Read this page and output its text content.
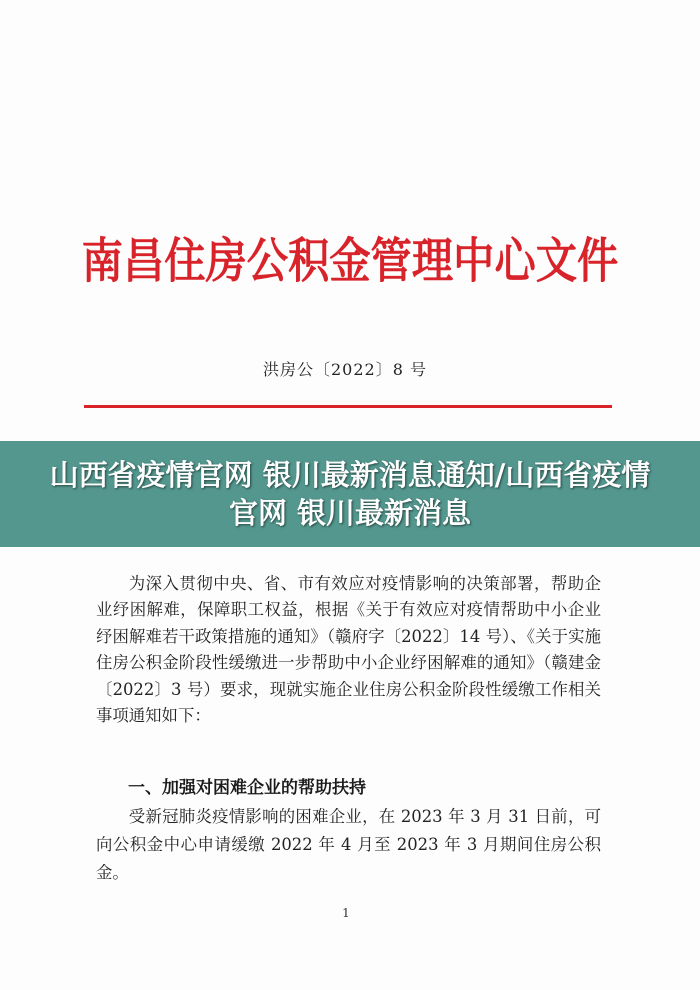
南昌住房公积金管理中心文件
洪房公〔2022〕8 号
山西省疫情官网 银川最新消息通知/山西省疫情官网 银川最新消息

为深入贯彻中央、省、市有效应对疫情影响的决策部署，帮助企业纾困解难，保障职工权益，根据《关于有效应对疫情帮助中小企业纾困解难若干政策措施的通知》（赣府字〔2022〕14 号）、《关于实施住房公积金阶段性缓缴进一步帮助中小企业纾困解难的通知》（赣建金〔2022〕3 号）要求，现就实施企业住房公积金阶段性缓缴工作相关事项通知如下：

一、加强对困难企业的帮助扶持

受新冠肺炎疫情影响的困难企业，在 2023 年 3 月 31 日前，可向公积金中心申请缓缴 2022 年 4 月至 2023 年 3 月期间住房公积金。

1
